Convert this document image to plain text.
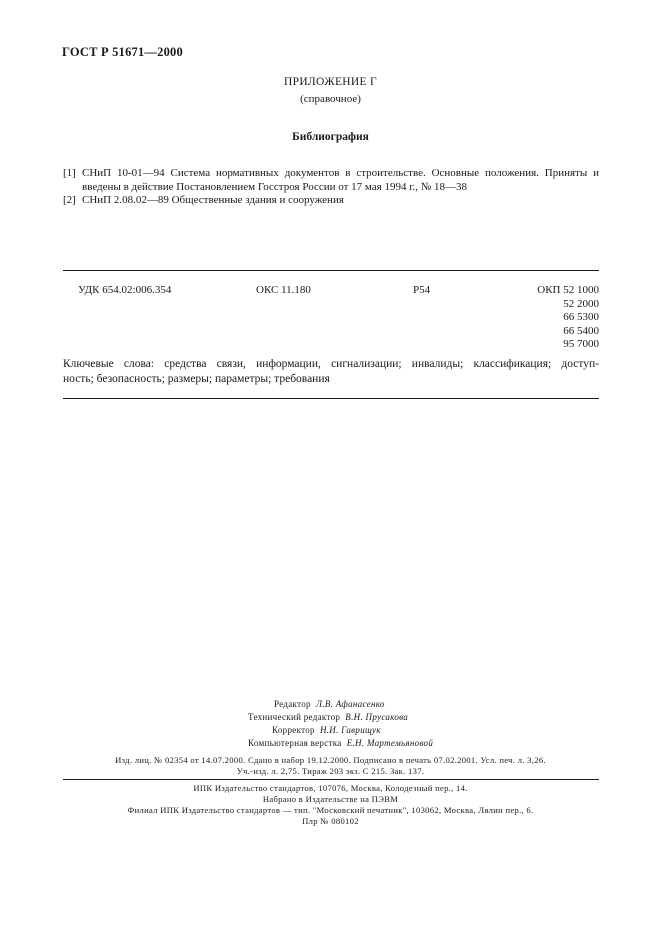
ГОСТ Р 51671—2000
ПРИЛОЖЕНИЕ Г
(справочное)
Библиография
[1] СНиП 10-01—94 Система нормативных документов в строительстве. Основные положения. Приняты и введены в действие Постановлением Госстроя России от 17 мая 1994 г., № 18—38
[2] СНиП 2.08.02—89 Общественные здания и сооружения
УДК 654.02:006.354	ОКС 11.180	Р54	ОКП 52 1000
52 2000
66 5300
66 5400
95 7000
Ключевые слова: средства связи, информации, сигнализации; инвалиды; классификация; доступ-
ность; безопасность; размеры; параметры; требования
Редактор Л.В. Афанасенко
Технический редактор В.Н. Прусакова
Корректор Н.И. Гаврищук
Компьютерная верстка Е.Н. Мартемьяновой
Изд. лиц. № 02354 от 14.07.2000. Сдано в набор 19.12.2000. Подписано в печать 07.02.2001. Усл. печ. л. 3,26.
Уч.-изд. л. 2,75. Тираж 203 экз. С 215. Зак. 137.
ИПК Издательство стандартов, 107076, Москва, Колодезный пер., 14.
Набрано в Издательстве на ПЭВМ
Филиал ИПК Издательство стандартов — тип. "Московский печатник", 103062, Москва, Лялин пер., 6.
Плр № 080102
